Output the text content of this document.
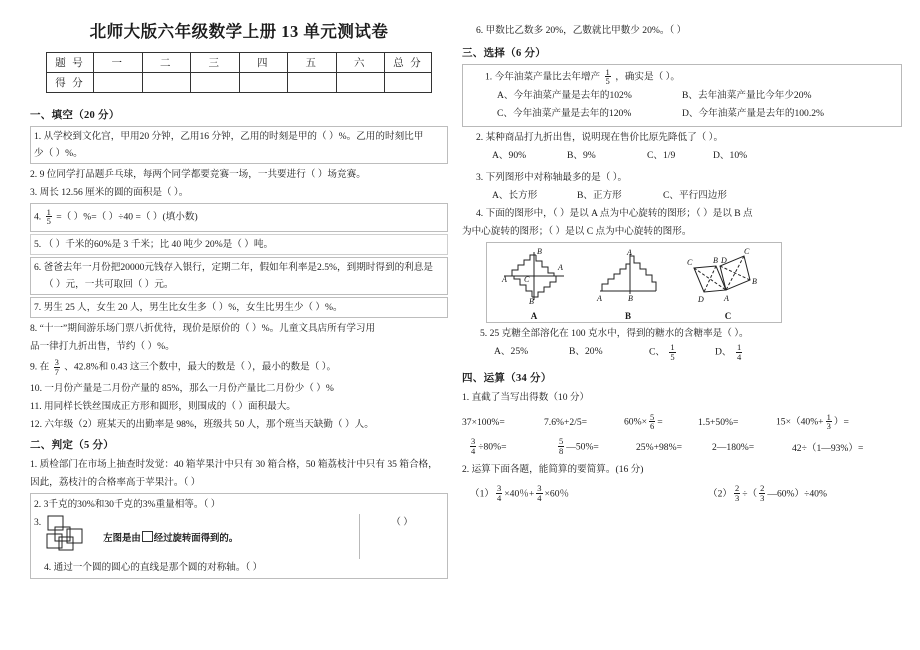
北师大版六年级数学上册 13 单元测试卷
题 号	一	二	三	四	五	六	总 分
得 分							
一、填空（20 分）
1. 从学校到文化宫，甲用20 分钟，乙用16 分钟，乙用的时刻是甲的（ ）%。乙用的时刻比甲
少（ ）%。
2. 9 位同学打品题乒乓球，每两个同学都要竞赛一场，一共要进行（ ）场竞赛。
3. 周长 12.56 厘米的圆的面积是（ ）。
4. $\frac{1}{5}$ =（ ）%=（ ）÷40 =（ ）(填小数)
5. （ ）千米的60%是 3 千米；比 40 吨少 20%是（ ）吨。
6. 爸爸去年一月份把20000元钱存入银行，定期二年，假如年利率是2.5%，到期时得到的利息是
（ ）元，一共可取回（ ）元。
7. 男生 25 人，女生 20 人，男生比女生多（ ）%，女生比男生少（ ）%。
8. “十一”期间游乐场门票八折优待，现价是原价的（ ）%。儿童文具店所有学习用
品一律打九折出售，节约（ ）%。
9. 在 $\frac{3}{7}$ 、42.8%和 0.43 这三个数中，最大的数是（ ），最小的数是（ ）。
10. 一月份产量是二月份产量的 85%，那么一月份产量比二月份少（ ）%
11. 用同样长铁丝围成正方形和圆形，则围成的（ ）面积最大。
12. 六年级（2）班某天的出勤率是 98%，班级共 50 人，那个班当天缺勤（ ）人。
二、判定（5 分）
1. 质检部门在市场上抽查时发觉：40 箱苹果汁中只有 30 箱合格，50 箱荔枝汁中只有 35 箱合格，
因此，荔枝汁的合格率高于苹果汁。（ ）
2. 3千克的30%和30千克的3%重量相等。（ ）
3.
左图是由 经过旋转面得到的。
（ ）
4. 通过一个圆的圆心的直线是那个圆的对称轴。（ ）
6. 甲数比乙数多 20%，乙數就比甲數少 20%。（ ）
三、选择（6 分）
1. 今年油菜产量比去年增产 $\frac{1}{5}$ ，确实是（ ）。
A、今年油菜产量是去年的102%	B、去年油菜产量比今年少20%
C、今年油菜产量是去年的120%	D、今年油菜产量是去年的100.2%
2. 某种商品打九折出售，说明现在售价比原先降低了（ ）。
A、90%	B、9%	C、1/9	D、10%
3. 下列图形中对称轴最多的是（ ）。
A、长方形	B、正方形	C、平行四边形
4. 下面的图形中，（ ）是以 A 点为中心旋转的图形；（ ）是以 B 点
为中心旋转的图形；（ ）是以 C 点为中心旋转的图形。
B
A
A C
B
A
A
A	B
B
C	B D
C
D	A
B
C
5. 25 克糖全部溶化在 100 克水中，得到的糖水的含糖率是（ ）。
A、25%	B、20%	C、 $\frac{1}{5}$	D、 $\frac{1}{4}$
四、运算（34 分）
1. 直截了当写出得数（10 分）
37×100%=	7.6%+2/5=	$60\%\times \frac{5}{6}$ =	1.5+50%=	$15\times(40\%+ \frac{1}{3}$ ）=
$\frac{3}{4} \div 80\%=$	$\frac{5}{8}$ —50%=	25%+98%=	2—180%=	42÷（1—93%）=
2. 运算下面各题，能简算的要简算。(16 分)
$(1) \frac{3}{4} \times 40$％+ $\frac{3}{4} \times 60$％	$(2) \frac{2}{3}$ ÷（ $\frac{2}{3}$ —60%）÷40%
